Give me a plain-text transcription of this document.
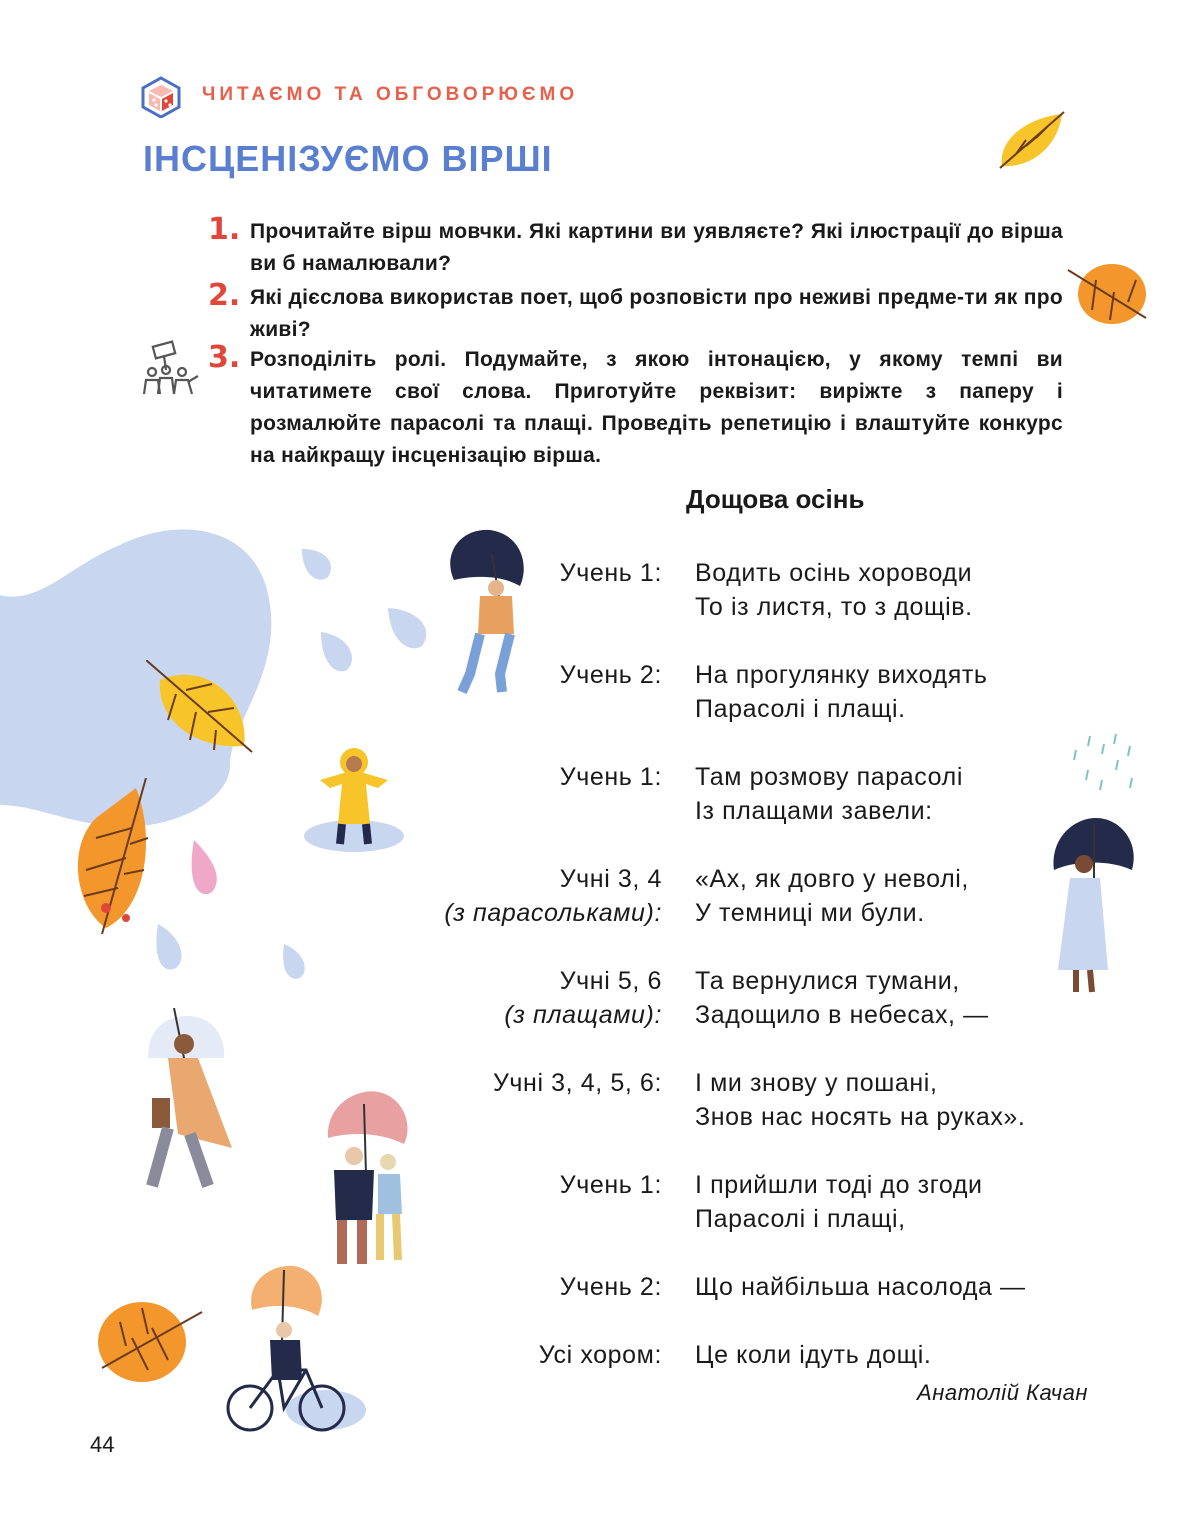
ЧИТАЄМО ТА ОБГОВОРЮЄМО
ІНСЦЕНІЗУЄМО ВІРШІ
1. Прочитайте вірш мовчки. Які картини ви уявляєте? Які ілюстрації до вірша ви б намалювали?
2. Які дієслова використав поет, щоб розповісти про неживі предме-ти як про живі?
3. Розподіліть ролі. Подумайте, з якою інтонацією, у якому темпі ви читатимете свої слова. Приготуйте реквізит: виріжте з паперу і розмалюйте парасолі та плащі. Проведіть репетицію і влаштуйте конкурс на найкращу інсценізацію вірша.
Дощова осінь
Учень 1: Водить осінь хороводи
То із листя, то з дощів.
Учень 2: На прогулянку виходять
Парасолі і плащі.
Учень 1: Там розмову парасолі
Із плащами завели:
Учні 3, 4
(з парасольками):
«Ах, як довго у неволі,
У темниці ми були.
Учні 5, 6
(з плащами):
Та вернулися тумани,
Задощило в небесах, —
Учні 3, 4, 5, 6: І ми знову у пошані,
Знов нас носять на руках».
Учень 1: І прийшли тоді до згоди
Парасолі і плащі,
Учень 2: Що найбільша насолода —
Усі хором: Це коли ідуть дощі.
Анатолій Качан
44
